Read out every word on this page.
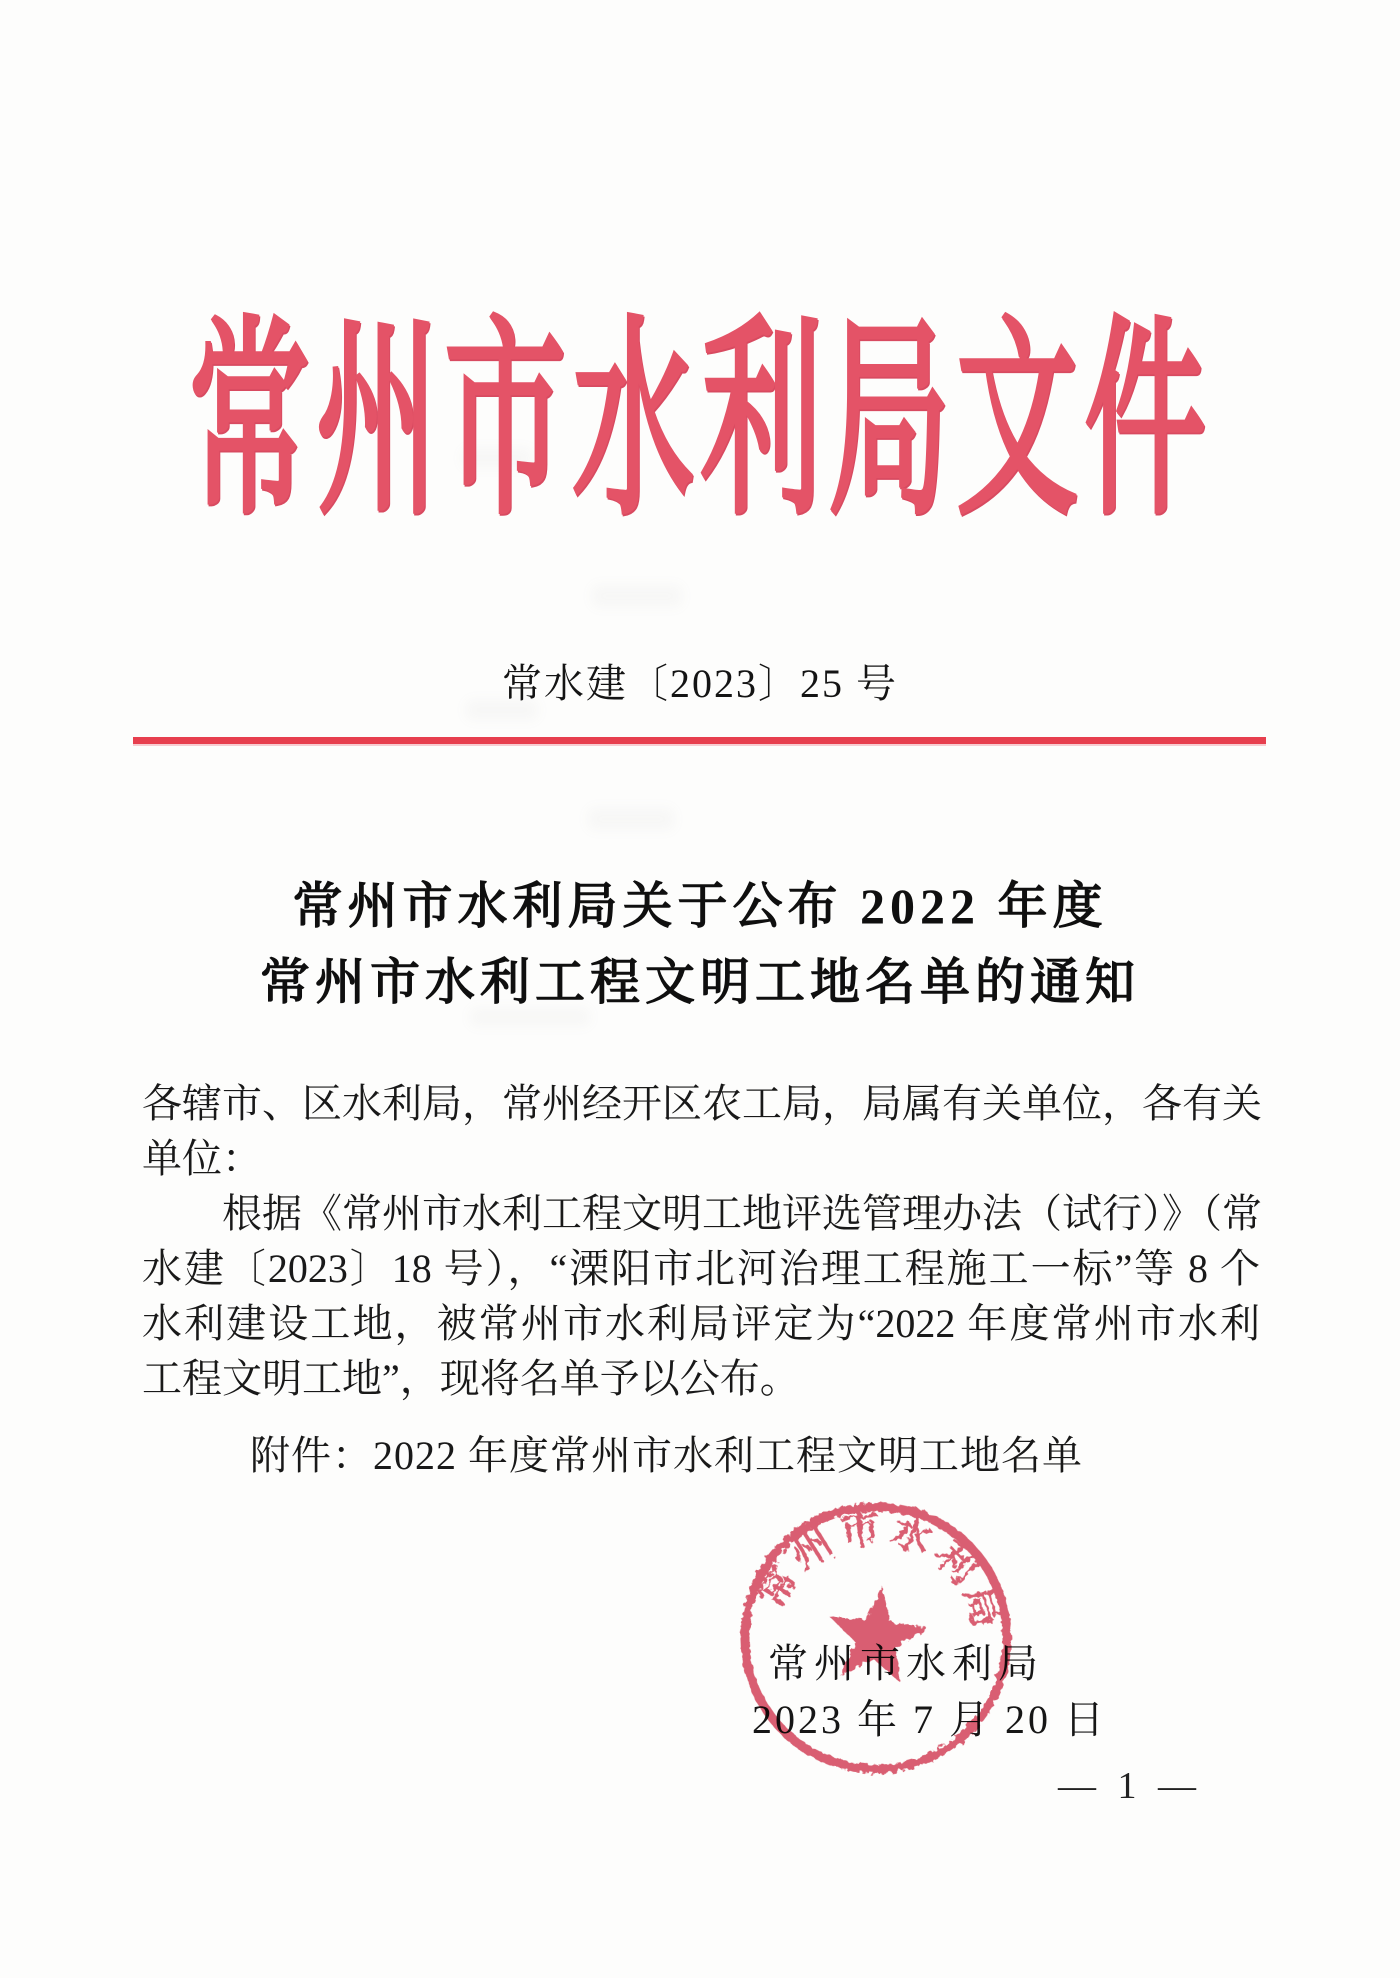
常州市水利局文件
常水建〔2023〕25 号
常州市水利局关于公布 2022 年度
常州市水利工程文明工地名单的通知
各辖市、区水利局，常州经开区农工局，局属有关单位，各有关
单位：
根据《常州市水利工程文明工地评选管理办法（试行）》（常
水建〔2023〕18 号），“溧阳市北河治理工程施工一标”等 8 个
水利建设工地，被常州市水利局评定为“2022 年度常州市水利
工程文明工地”，现将名单予以公布。
附件：2022 年度常州市水利工程文明工地名单
常州市水利局
2023 年 7 月 20 日
常州市水利局
— 1 —
